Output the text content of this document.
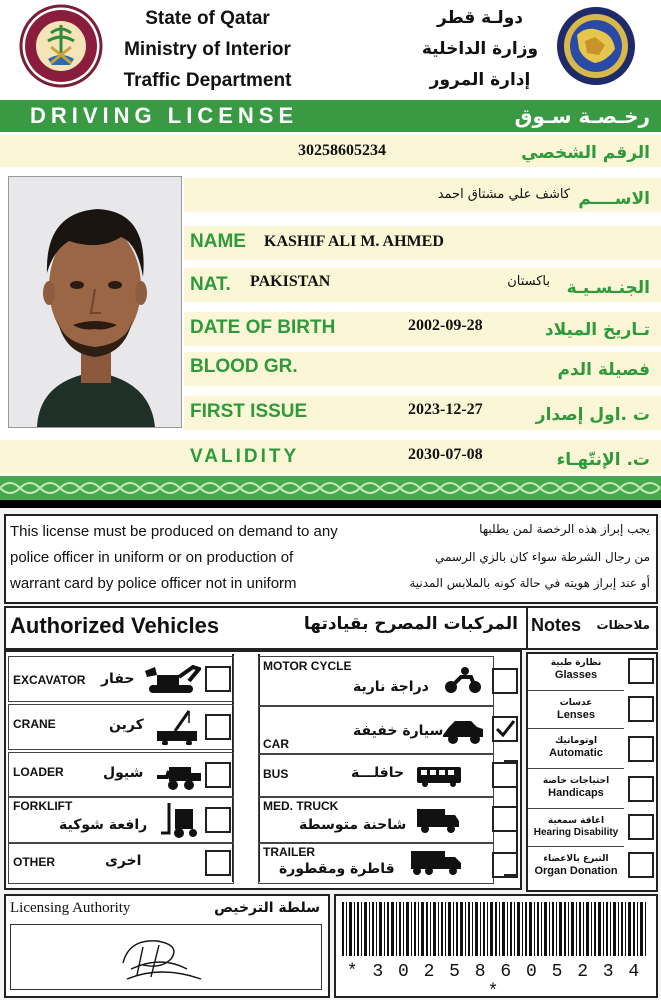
State of Qatar
Ministry of Interior
Traffic Department
دولـة قطر
وزارة الداخلية
إدارة المرور
DRIVING LICENSE	رخـصـة سـوق
30258605234	الرقم الشخصي
كاشف علي مشتاق احمد الاســــم
NAME KASHIF ALI M. AHMED
NAT. PAKISTAN	باكستان الجنـسـيـة
DATE OF BIRTH	2002-09-28	تـاريخ الميلاد
BLOOD GR.	فصيلة الدم
FIRST ISSUE	2023-12-27	ت .اول إصدار
VALIDITY	2030-07-08	ت. الإنتّهـاء
This license must be produced on demand to any
police officer in uniform or on production of
warrant card by police officer not in uniform
يجب إبراز هذه الرخصة لمن يطلبها
من رجال الشرطة سواء كان بالزي الرسمي
أو عند إبراز هويته في حالة كونه بالملابس المدنية
Authorized Vehicles	المركبات المصرح بقيادتها Notes	ملاحظات
EXCAVATOR حفار
CRANE	كرين
LOADER	شيول
FORKLIFT
رافعة شوكية
OTHER	اخرى
MOTOR CYCLE
دراجة نارية
CAR
سيارة خفيفة
BUS	حافلـــة
MED. TRUCK
شاحنة متوسطة
TRAILER
قاطرة ومقطورة
نظارة طبية
Glasses
عدسات
Lenses
اوتوماتيك
Automatic
احتياجات خاصة
Handicaps
اعاقة سمعية
Hearing Disability
التبرع بالاعضاء
Organ Donation
Licensing Authority	سلطة الترخيص
* 3 0 2 5 8 6 0 5 2 3 4 *
